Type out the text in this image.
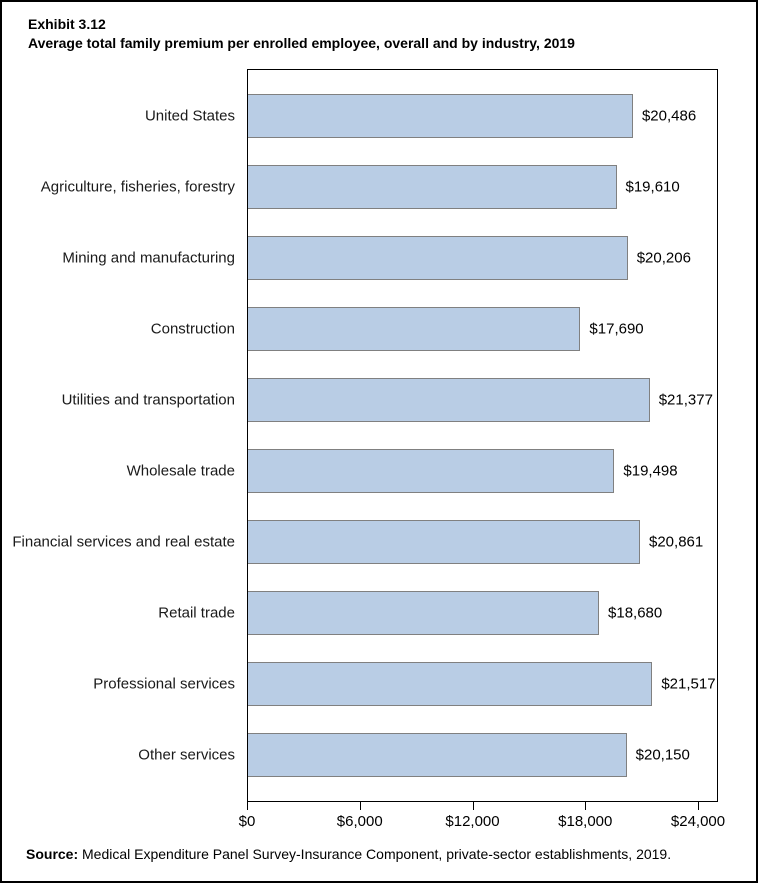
Exhibit 3.12
Average total family premium per enrolled employee, overall and by industry, 2019
$20,486
$19,610
$20,206
$17,690
$21,377
$19,498
$20,861
$18,680
$21,517
$20,150
United States
Agriculture, fisheries, forestry
Mining and manufacturing
Construction
Utilities and transportation
Wholesale trade
Financial services and real estate
Retail trade
Professional services
Other services
$0	$6,000	$12,000	$18,000	$24,000
Source: Medical Expenditure Panel Survey-Insurance Component, private-sector establishments, 2019.
